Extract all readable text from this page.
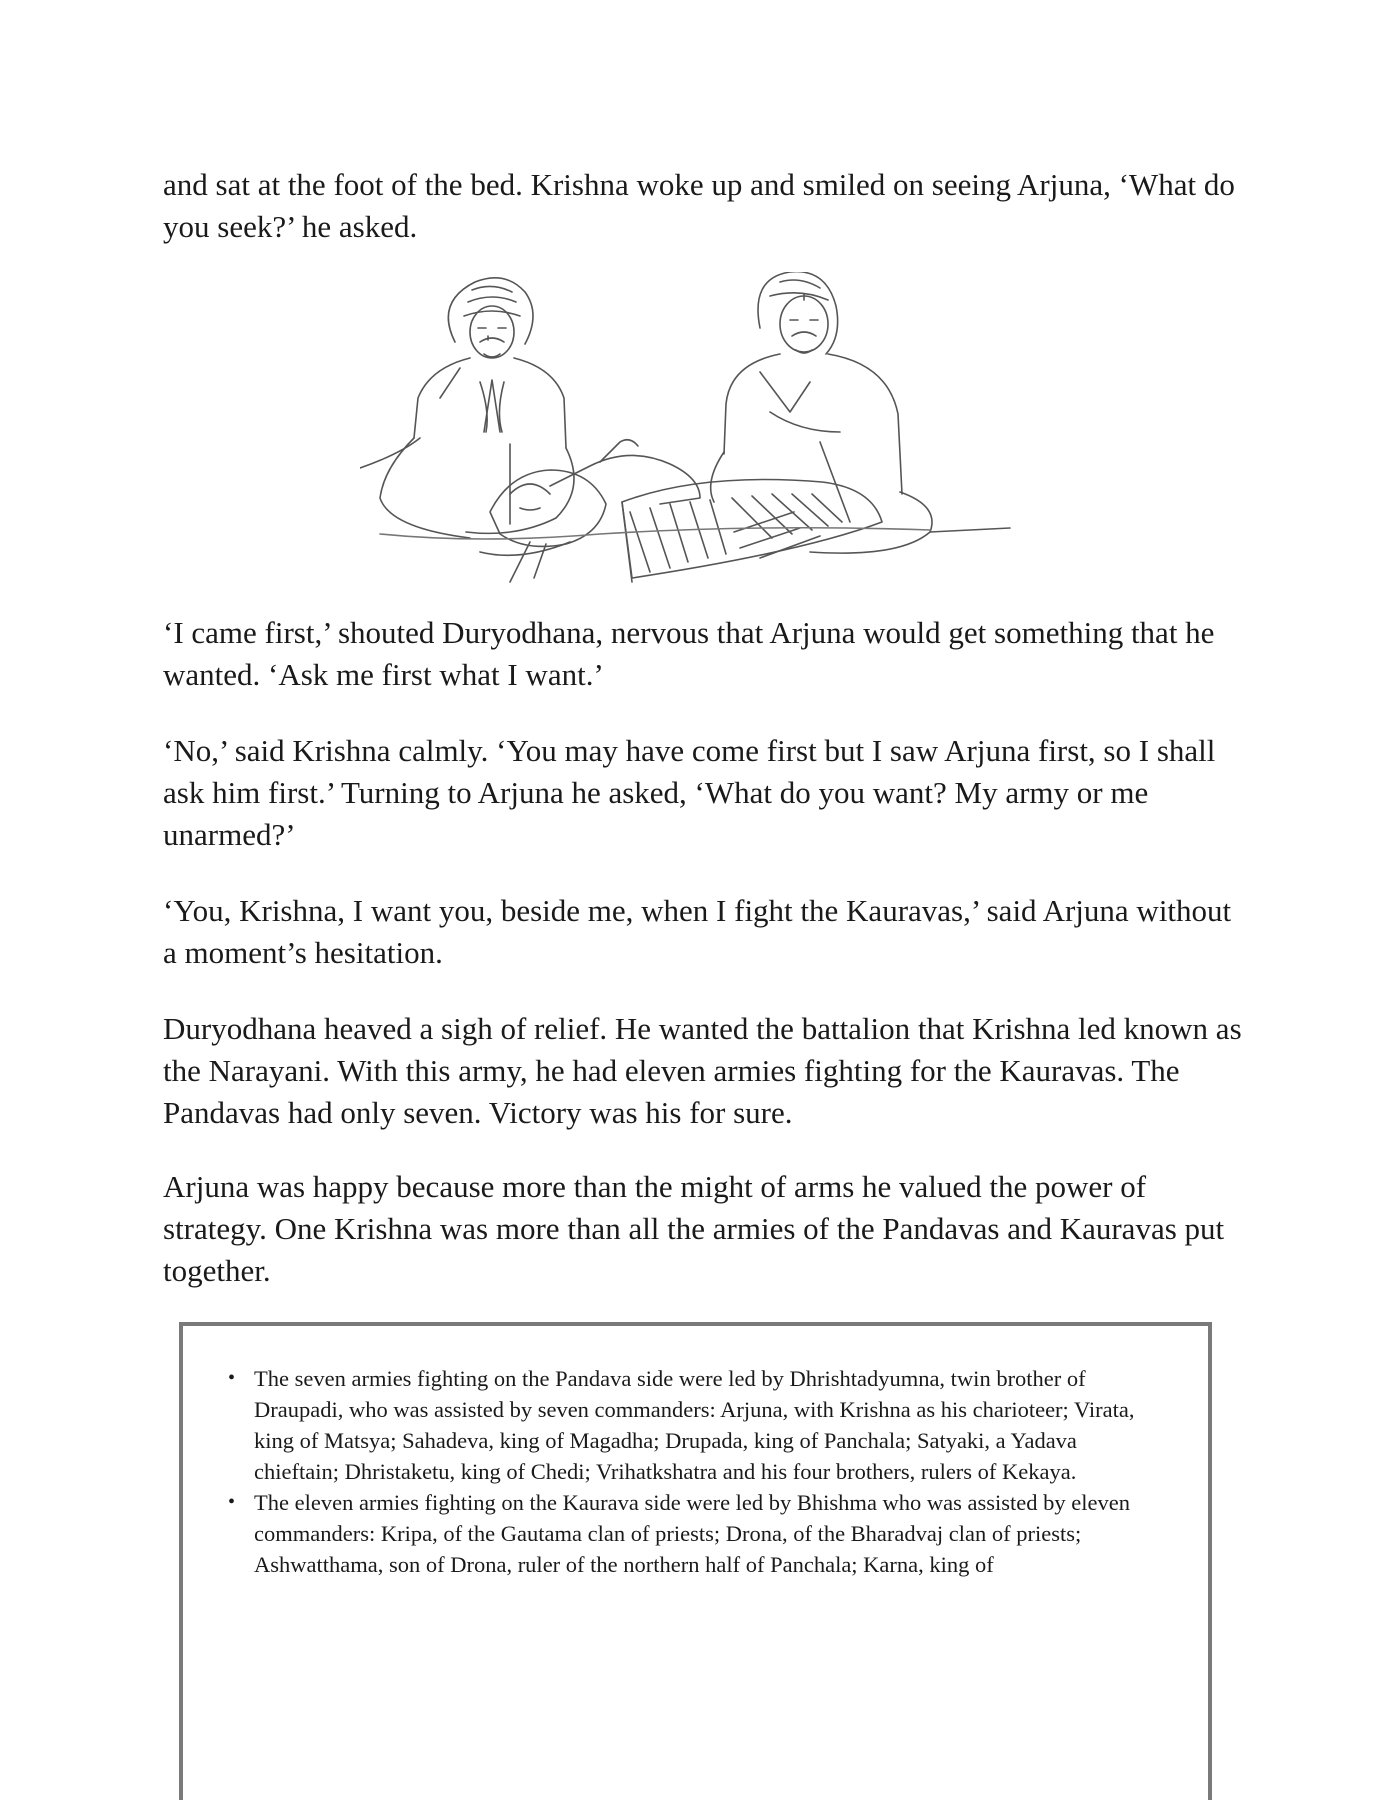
and sat at the foot of the bed. Krishna woke up and smiled on seeing Arjuna, ‘What do you seek?’ he asked.

‘I came first,’ shouted Duryodhana, nervous that Arjuna would get something that he wanted. ‘Ask me first what I want.’

‘No,’ said Krishna calmly. ‘You may have come first but I saw Arjuna first, so I shall ask him first.’ Turning to Arjuna he asked, ‘What do you want? My army or me unarmed?’

‘You, Krishna, I want you, beside me, when I fight the Kauravas,’ said Arjuna without a moment’s hesitation.

Duryodhana heaved a sigh of relief. He wanted the battalion that Krishna led known as the Narayani. With this army, he had eleven armies fighting for the Kauravas. The Pandavas had only seven. Victory was his for sure.

Arjuna was happy because more than the might of arms he valued the power of strategy. One Krishna was more than all the armies of the Pandavas and Kauravas put together.

• The seven armies fighting on the Pandava side were led by Dhrishtadyumna, twin brother of Draupadi, who was assisted by seven commanders: Arjuna, with Krishna as his charioteer; Virata, king of Matsya; Sahadeva, king of Magadha; Drupada, king of Panchala; Satyaki, a Yadava chieftain; Dhristaketu, king of Chedi; Vrihatkshatra and his four brothers, rulers of Kekaya.
• The eleven armies fighting on the Kaurava side were led by Bhishma who was assisted by eleven commanders: Kripa, of the Gautama clan of priests; Drona, of the Bharadvaj clan of priests; Ashwatthama, son of Drona, ruler of the northern half of Panchala; Karna, king of
